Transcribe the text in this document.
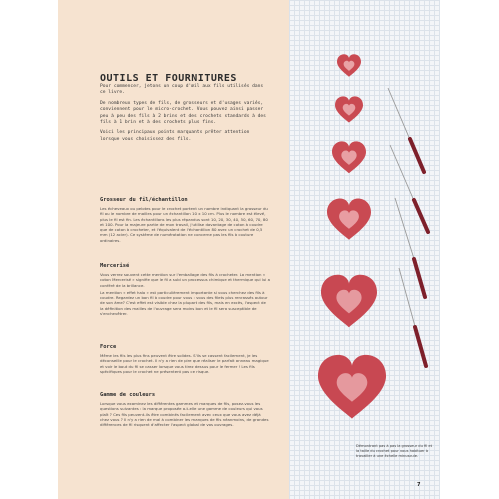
OUTILS ET FOURNITURES

Pour commencer, jetons un coup d'œil aux fils utilisés dans ce livre.

De nombreux types de fils, de grosseurs et d'usages variés, conviennent pour le micro-crochet. Vous pouvez ainsi passer peu à peu des fils à 2 brins et des crochets standards à des fils à 1 brin et à des crochets plus fins.

Voici les principaux points marquants prêter attention lorsque vous choisissez des fils.

Grosseur du fil/échantillon

Les écheveaux ou pelotes pour le crochet portent un nombre indiquant la grosseur du fil ou le nombre de mailles pour un échantillon 10 x 10 cm. Plus le nombre est élevé, plus le fil est fin. Les échantillons les plus répandus sont 10, 20, 30, 40, 50, 60, 70, 80 et 100. Pour la majeure partie de mon travail, j'utilise davantage de coton à coudre que de coton à crocheter, et l'équivalent de l'échantillon 80 avec un crochet de 0,5 mm (12 acier). Ce système de numérotation ne concerne pas les fils à couture ordinaires.

Mercerisé

Vous verrez souvent cette mention sur l'emballage des fils à crocheter. La mention « coton Mercerisé » signifie que le fil a subi un processus chimique et thermique qui lui a conféré de la brillance.

La mention « effet halo » est particulièrement importante si vous cherchez des fils à coudre. Regardez un bon fil à coudre pour vous : vous des filets plus renrassés autour de son âme? C'est effet est visible chez la plupart des fils, mais en excès, l'aspect de la définition des mailles de l'ouvrage sera moins bon et le fil sera susceptible de s'enchevêtrer.

Force

Même les fils les plus fins peuvent être solides. S'ils se cassent facilement, je les déconseille pour le crochet. Il n'y a rien de pire que réaliser le parfait anneau magique et voir le bout du fil se casser lorsque vous tirez dessus pour le fermer ! Les fils spécifiques pour le crochet ne présentent pas ce risque.

Gamme de couleurs

Lorsque vous examinez les différentes gammes et marques de fils, posez-vous les questions suivantes : la marque proposée a-t-elle une gamme de couleurs qui vous plaît ? Ces fils peuvent-ils être combinés facilement avec ceux que vous avez déjà chez vous ? Il n'y a rien de mal à combiner les marques de fils néanmoins, de grandes différences de fil risquent d'affecter l'aspect global de vos ouvrages.

Démontrant pas à pas la grosseur du fil et la taille du crochet pour vous habituer à travailler à une échelle minuscule.
7
